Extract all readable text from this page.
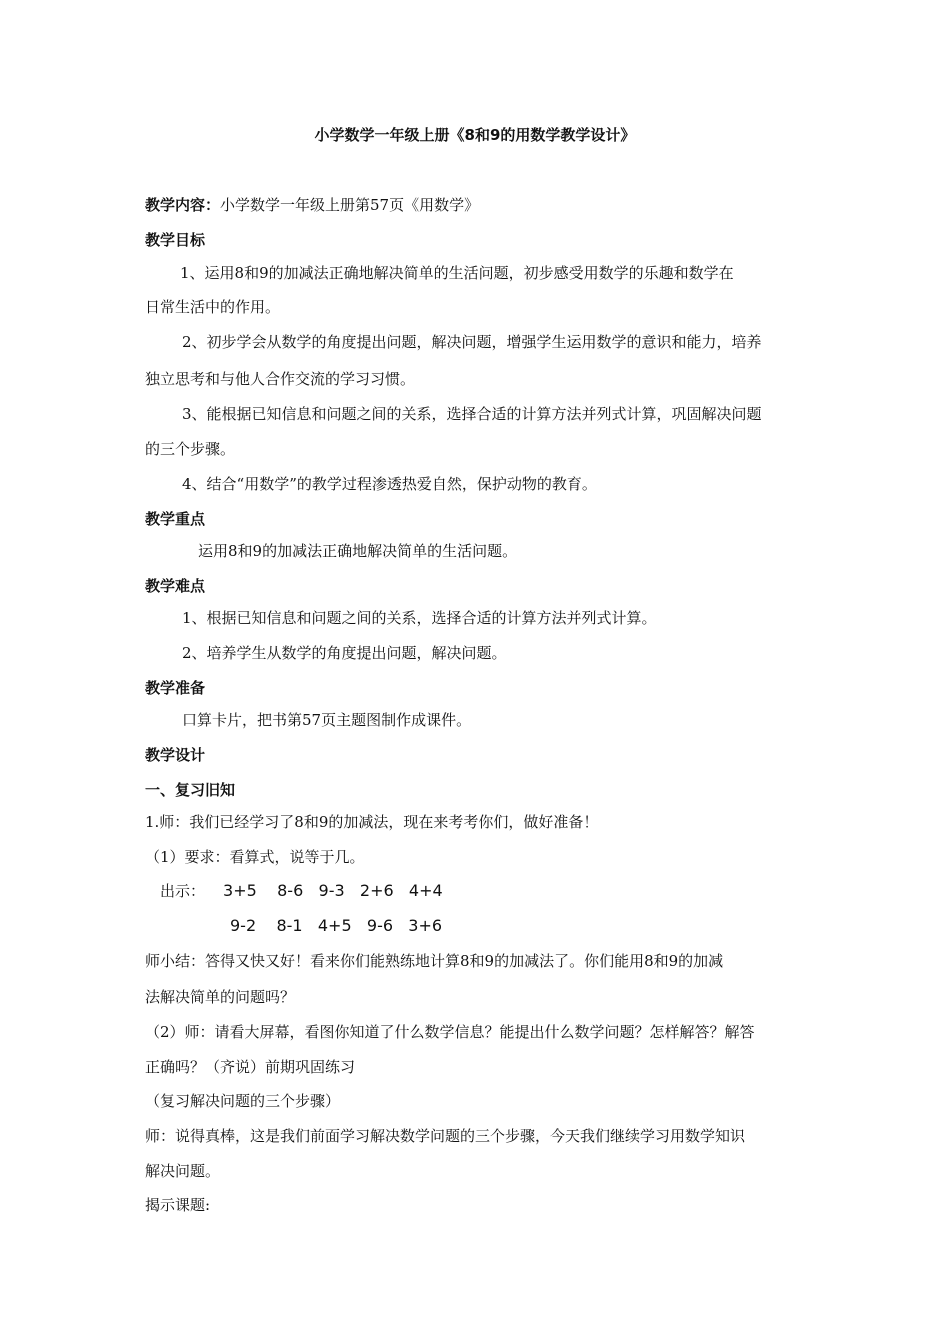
小学数学一年级上册《8和9的用数学教学设计》
教学内容：小学数学一年级上册第57页《用数学》
教学目标
1、运用8和9的加减法正确地解决简单的生活问题，初步感受用数学的乐趣和数学在
日常生活中的作用。
2、初步学会从数学的角度提出问题，解决问题，增强学生运用数学的意识和能力，培养
独立思考和与他人合作交流的学习习惯。
3、能根据已知信息和问题之间的关系，选择合适的计算方法并列式计算，巩固解决问题
的三个步骤。
4、结合“用数学”的教学过程渗透热爱自然，保护动物的教育。
教学重点
运用8和9的加减法正确地解决简单的生活问题。
教学难点
1、根据已知信息和问题之间的关系，选择合适的计算方法并列式计算。
2、培养学生从数学的角度提出问题，解决问题。
教学准备
口算卡片，把书第57页主题图制作成课件。
教学设计
一、复习旧知
1.师：我们已经学习了8和9的加减法，现在来考考你们，做好准备！
（1）要求：看算式，说等于几。
出示： 3+5    8-6   9-3   2+6   4+4
9-2    8-1   4+5   9-6   3+6
师小结：答得又快又好！看来你们能熟练地计算8和9的加减法了。你们能用8和9的加减
法解决简单的问题吗？
（2）师：请看大屏幕，看图你知道了什么数学信息？能提出什么数学问题？怎样解答？解答
正确吗？（齐说）前期巩固练习
（复习解决问题的三个步骤）
师：说得真棒，这是我们前面学习解决数学问题的三个步骤，今天我们继续学习用数学知识
解决问题。
揭示课题:
